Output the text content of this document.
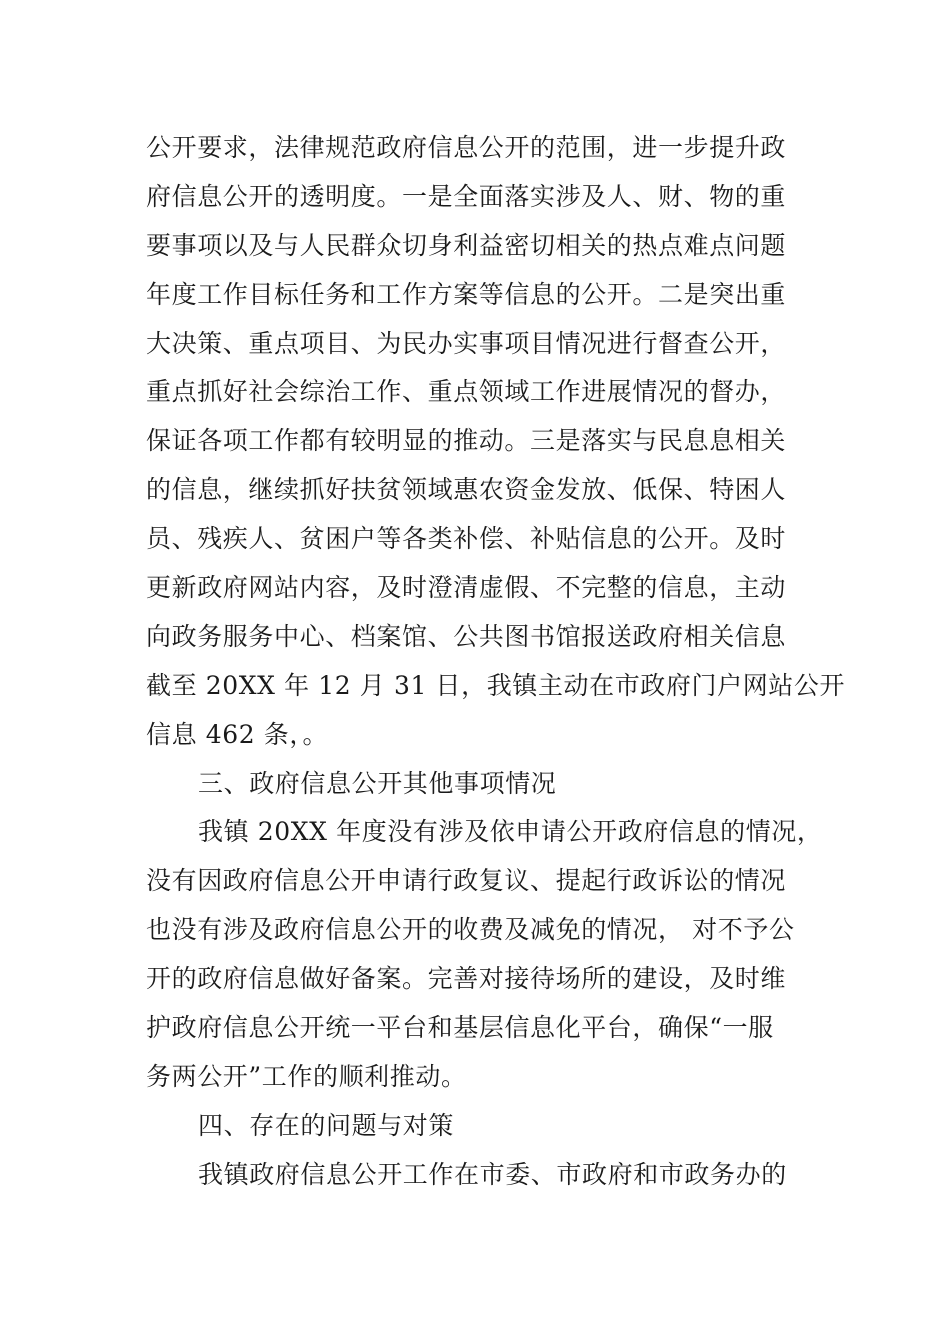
公开要求，法律规范政府信息公开的范围，进一步提升政
府信息公开的透明度。一是全面落实涉及人、财、物的重
要事项以及与人民群众切身利益密切相关的热点难点问题
年度工作目标任务和工作方案等信息的公开。二是突出重
大决策、重点项目、为民办实事项目情况进行督查公开，
重点抓好社会综治工作、重点领域工作进展情况的督办，
保证各项工作都有较明显的推动。三是落实与民息息相关
的信息，继续抓好扶贫领域惠农资金发放、低保、特困人
员、残疾人、贫困户等各类补偿、补贴信息的公开。及时
更新政府网站内容，及时澄清虚假、不完整的信息，主动
向政务服务中心、档案馆、公共图书馆报送政府相关信息
截至 20XX 年 12 月 31 日，我镇主动在市政府门户网站公开
信息 462 条，。
三、政府信息公开其他事项情况
我镇 20XX 年度没有涉及依申请公开政府信息的情况，
没有因政府信息公开申请行政复议、提起行政诉讼的情况
也没有涉及政府信息公开的收费及减免的情况， 对不予公
开的政府信息做好备案。完善对接待场所的建设，及时维
护政府信息公开统一平台和基层信息化平台，确保“一服
务两公开”工作的顺利推动。
四、存在的问题与对策
我镇政府信息公开工作在市委、市政府和市政务办的
